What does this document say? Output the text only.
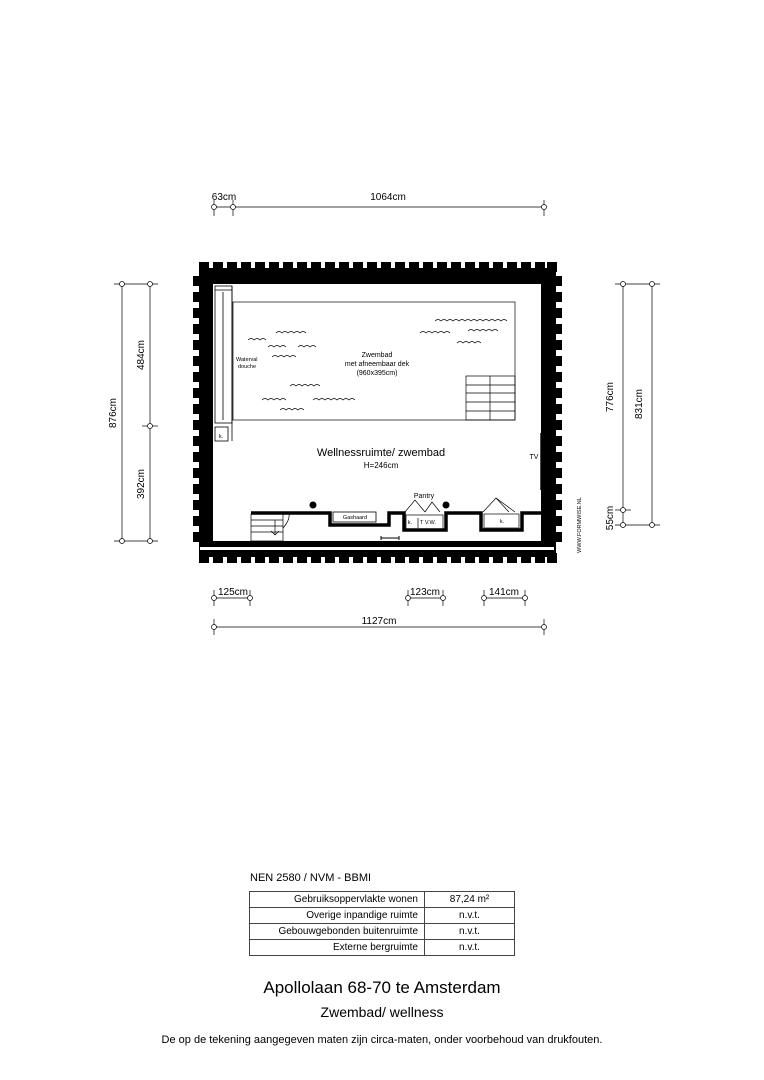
63cm	1064cm
876cm
484cm
392cm
776cm 831cm
55cm
125cm	123cm	141cm
1127cm
Zwembad
met afneembaar dek
(960x395cm)
Waterval
douche
Wellnessruimte/ zwembad
H=246cm
Pantry
TV
k.
k.
Gashaard
T V.W.
k.	WWW.FORMWISE.NL
NEN 2580 / NVM - BBMI
Gebruiksoppervlakte wonen	87,24 m²
Overige inpandige ruimte	n.v.t.
Gebouwgebonden buitenruimte	n.v.t.
Externe bergruimte	n.v.t.
Apollolaan 68-70 te Amsterdam
Zwembad/ wellness
De op de tekening aangegeven maten zijn circa-maten, onder voorbehoud van drukfouten.
